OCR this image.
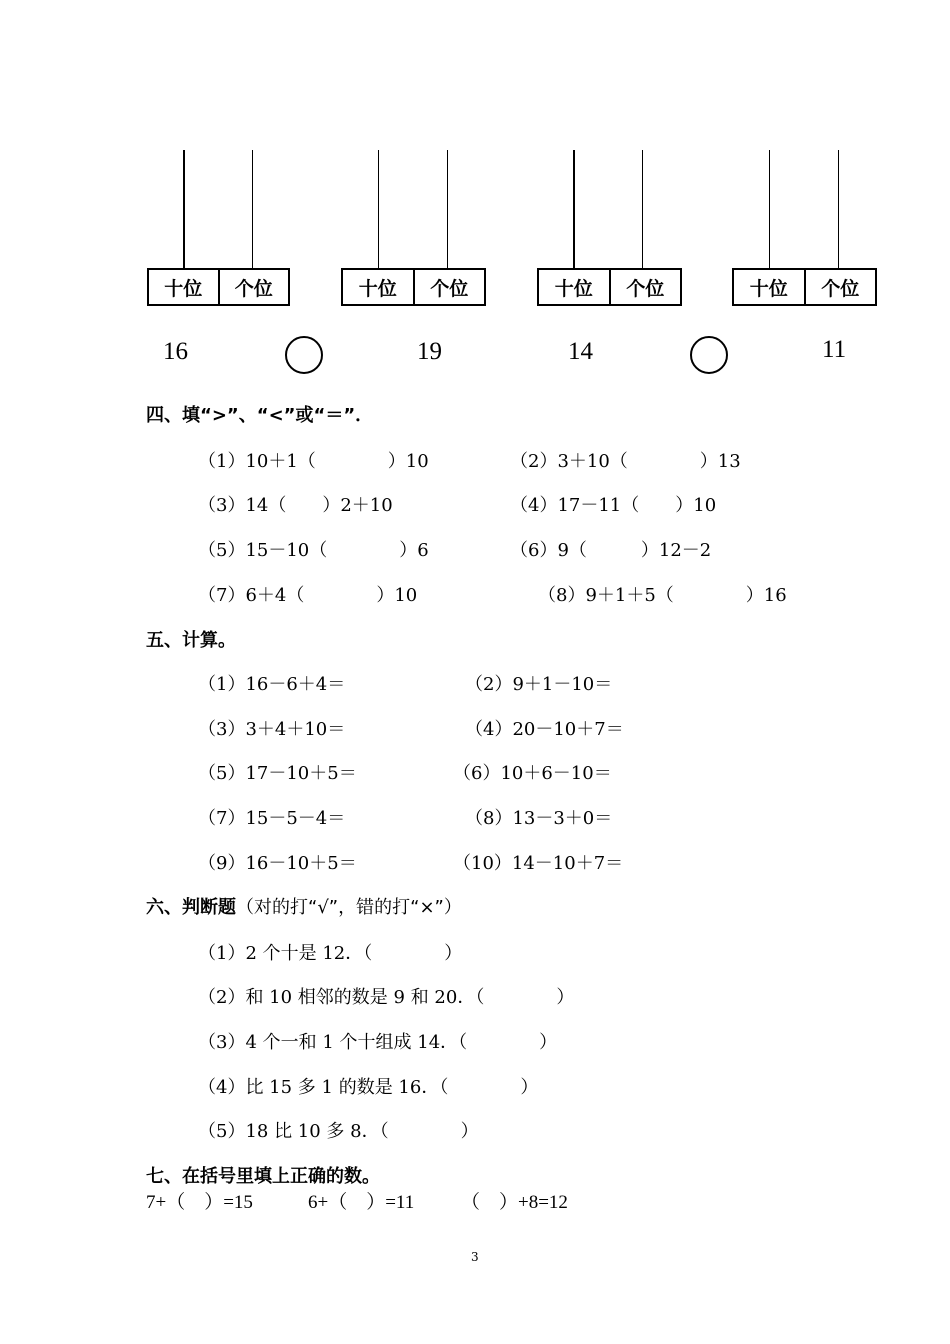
十位	个位	十位	个位	十位	个位	十位	个位
16	19	14	11
四、填“>”、“<”或“＝”．
（1）10＋1（　　　　）10	（2）3＋10（　　　　）13
（3）14（　　）2＋10	（4）17－11（　　）10
（5）15－10（　　　　）6	（6）9（　　　）12－2
（7）6＋4（　　　　）10	（8）9＋1＋5（　　　　）16
五、计算。
（1）16－6＋4＝	（2）9＋1－10＝
（3）3＋4＋10＝	（4）20－10＋7＝
（5）17－10＋5＝	（6）10＋6－10＝
（7）15－5－4＝	（8）13－3＋0＝
（9）16－10＋5＝	（10）14－10＋7＝
六、判断题（对的打“√”，错的打“×”）
（1）2 个十是 12．（　　　　）
（2）和 10 相邻的数是 9 和 20．（　　　　）
（3）4 个一和 1 个十组成 14．（　　　　）
（4）比 15 多 1 的数是 16．（　　　　）
（5）18 比 10 多 8．（　　　　）
七、在括号里填上正确的数。
7+（　）=15	6+（　）=11 （　）+8=12
3
